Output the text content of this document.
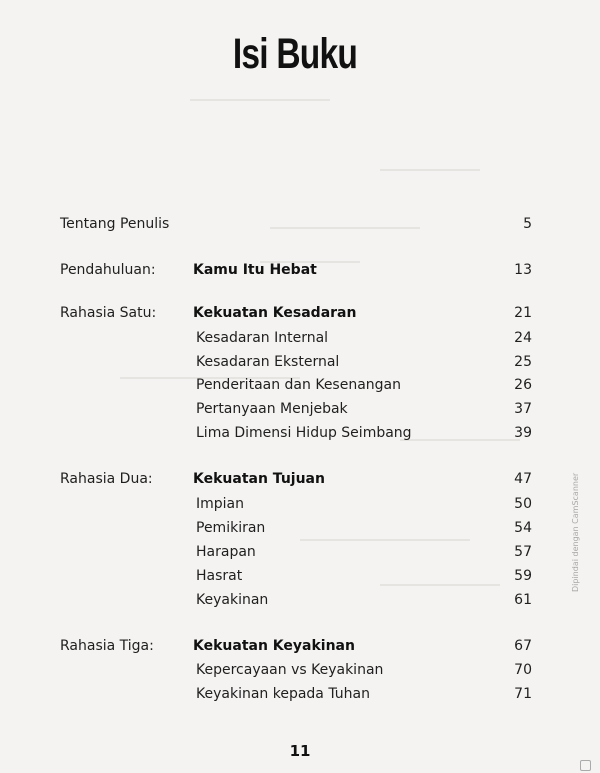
Isi Buku
Tentang Penulis	5
Pendahuluan:	Kamu Itu Hebat	13
Rahasia Satu:	Kekuatan Kesadaran	21
Kesadaran Internal	24
Kesadaran Eksternal	25
Penderitaan dan Kesenangan	26
Pertanyaan Menjebak	37
Lima Dimensi Hidup Seimbang	39
Rahasia Dua:	Kekuatan Tujuan	47
Impian	50
Pemikiran	54
Harapan	57
Hasrat	59
Keyakinan	61
Rahasia Tiga:	Kekuatan Keyakinan	67
Kepercayaan vs Keyakinan	70
Keyakinan kepada Tuhan	71
11
Dipindai dengan CamScanner
